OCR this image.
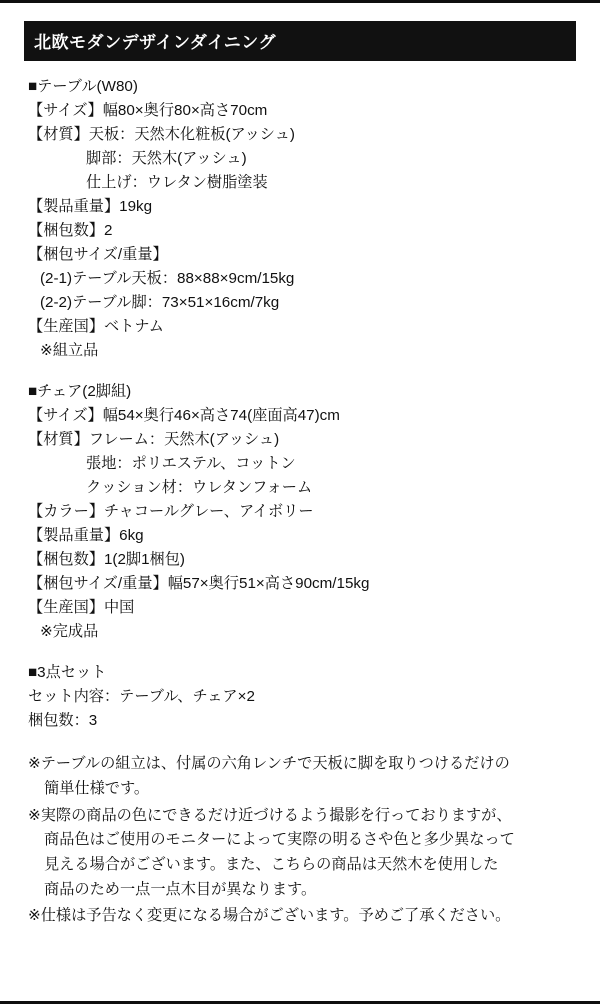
北欧モダンデザインダイニング
■テーブル(W80)
【サイズ】幅80×奥行80×高さ70cm
【材質】天板：天然木化粧板(アッシュ)
脚部：天然木(アッシュ)
仕上げ：ウレタン樹脂塗装
【製品重量】19kg
【梱包数】2
【梱包サイズ/重量】
(2-1)テーブル天板：88×88×9cm/15kg
(2-2)テーブル脚：73×51×16cm/7kg
【生産国】ベトナム
※組立品
■チェア(2脚組)
【サイズ】幅54×奥行46×高さ74(座面高47)cm
【材質】フレーム：天然木(アッシュ)
張地：ポリエステル、コットン
クッション材：ウレタンフォーム
【カラー】チャコールグレー、アイボリー
【製品重量】6kg
【梱包数】1(2脚1梱包)
【梱包サイズ/重量】幅57×奥行51×高さ90cm/15kg
【生産国】中国
※完成品
■3点セット
セット内容：テーブル、チェア×2
梱包数：3
※テーブルの組立は、付属の六角レンチで天板に脚を取りつけるだけの
簡単仕様です。
※実際の商品の色にできるだけ近づけるよう撮影を行っておりますが、
商品色はご使用のモニターによって実際の明るさや色と多少異なって
見える場合がございます。また、こちらの商品は天然木を使用した
商品のため一点一点木目が異なります。
※仕様は予告なく変更になる場合がございます。予めご了承ください。
